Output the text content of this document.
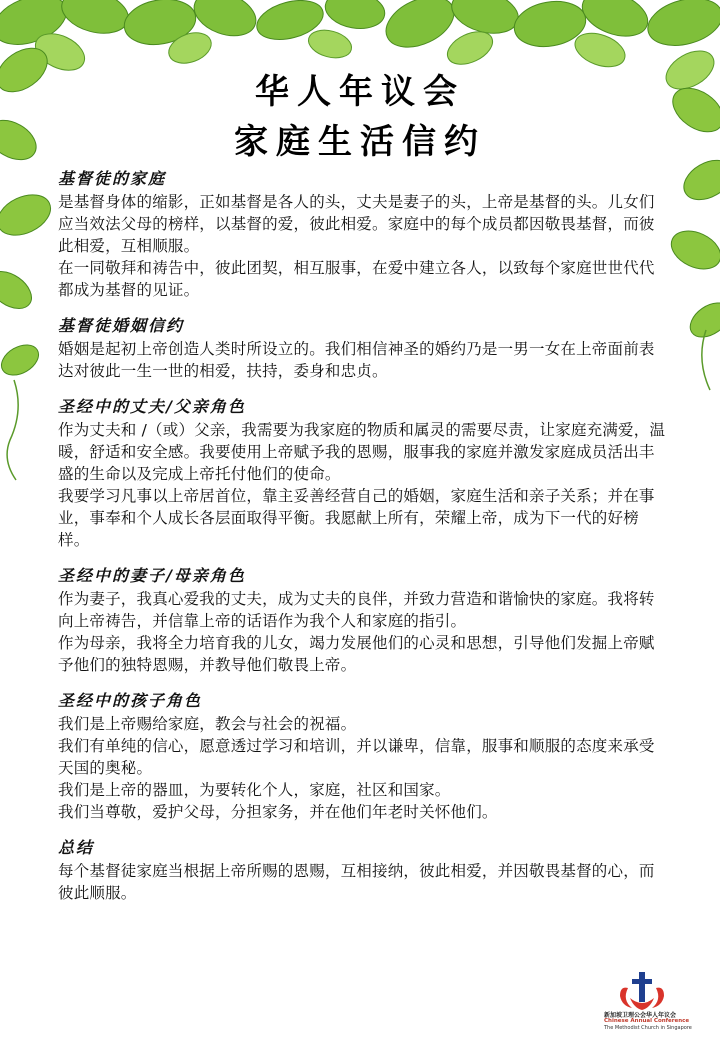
华人年议会
家庭生活信约
基督徒的家庭
是基督身体的缩影，正如基督是各人的头，丈夫是妻子的头，上帝是基督的头。儿女们应当效法父母的榜样，以基督的爱，彼此相爱。家庭中的每个成员都因敬畏基督，而彼此相爱，互相顺服。
在一同敬拜和祷告中，彼此团契，相互服事，在爱中建立各人，以致每个家庭世世代代都成为基督的见证。
基督徒婚姻信约
婚姻是起初上帝创造人类时所设立的。我们相信神圣的婚约乃是一男一女在上帝面前表达对彼此一生一世的相爱，扶持，委身和忠贞。
圣经中的丈夫/父亲角色
作为丈夫和 /（或）父亲，我需要为我家庭的物质和属灵的需要尽责，让家庭充满爱，温暖，舒适和安全感。我要使用上帝赋予我的恩赐，服事我的家庭并激发家庭成员活出丰盛的生命以及完成上帝托付他们的使命。
我要学习凡事以上帝居首位，靠主妥善经营自己的婚姻，家庭生活和亲子关系；并在事业，事奉和个人成长各层面取得平衡。我愿献上所有，荣耀上帝，成为下一代的好榜样。
圣经中的妻子/母亲角色
作为妻子，我真心爱我的丈夫，成为丈夫的良伴，并致力营造和谐愉快的家庭。我将转向上帝祷告，并信靠上帝的话语作为我个人和家庭的指引。
作为母亲，我将全力培育我的儿女，竭力发展他们的心灵和思想，引导他们发掘上帝赋予他们的独特恩赐，并教导他们敬畏上帝。
圣经中的孩子角色
我们是上帝赐给家庭，教会与社会的祝福。
我们有单纯的信心，愿意透过学习和培训，并以谦卑，信靠，服事和顺服的态度来承受天国的奥秘。
我们是上帝的器皿，为要转化个人，家庭，社区和国家。
我们当尊敬，爱护父母，分担家务，并在他们年老时关怀他们。
总结
每个基督徒家庭当根据上帝所赐的恩赐，互相接纳，彼此相爱，并因敬畏基督的心，而彼此顺服。
新加坡卫理公会华人年议会
Chinese Annual Conference
The Methodist Church in Singapore
